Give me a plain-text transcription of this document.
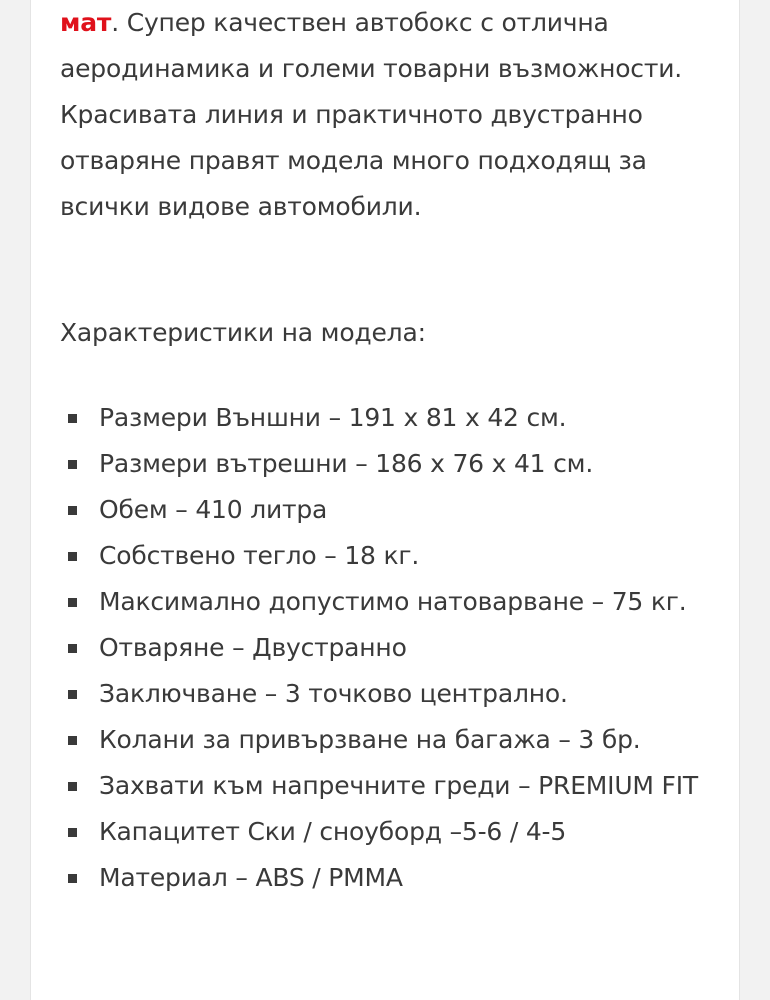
мат. Супер качествен автобокс с отлична аеродинамика и големи товарни възможности. Красивата линия и практичното двустранно отваряне правят модела много подходящ за всички видове автомобили.

Характеристики на модела:

Размери Външни – 191 х 81 х 42 см.
Размери вътрешни – 186 х 76 х 41 см.
Обем – 410 литра
Собствено тегло – 18 кг.
Максимално допустимо натоварване – 75 кг.
Отваряне – Двустранно
Заключване – 3 точково централно.
Колани за привързване на багажа – 3 бр.
Захвати към напречните греди – PREMIUM FIT
Капацитет Ски / сноуборд –5-6 / 4-5
Материал – ABS / PMMA
